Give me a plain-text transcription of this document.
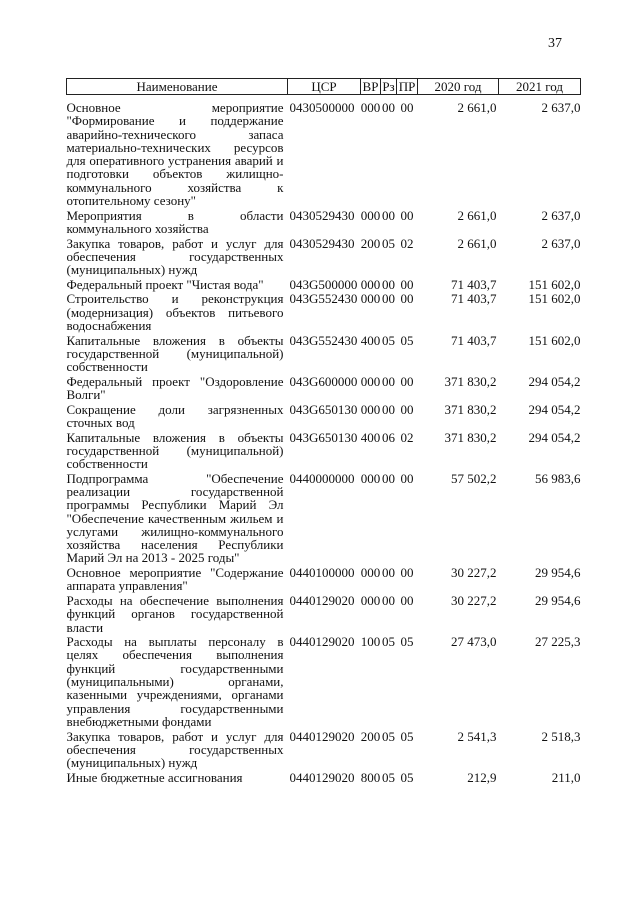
37
Наименование	ЦСР	ВР	Рз	ПР	2020 год	2021 год

Основное мероприятие "Формирование и поддержание аварийно-технического запаса материально-технических ресурсов для оперативного устранения аварий и подготовки объектов жилищно-коммунального хозяйства к отопительному сезону"	0430500000	000	00	00	2 661,0	2 637,0
Мероприятия в области коммунального хозяйства	0430529430	000	00	00	2 661,0	2 637,0
Закупка товаров, работ и услуг для обеспечения государственных (муниципальных) нужд	0430529430	200	05	02	2 661,0	2 637,0
Федеральный проект "Чистая вода"	043G500000	000	00	00	71 403,7	151 602,0
Строительство и реконструкция (модернизация) объектов питьевого водоснабжения	043G552430	000	00	00	71 403,7	151 602,0
Капитальные вложения в объекты государственной (муниципальной) собственности	043G552430	400	05	05	71 403,7	151 602,0
Федеральный проект "Оздоровление Волги"	043G600000	000	00	00	371 830,2	294 054,2
Сокращение доли загрязненных сточных вод	043G650130	000	00	00	371 830,2	294 054,2
Капитальные вложения в объекты государственной (муниципальной) собственности	043G650130	400	06	02	371 830,2	294 054,2
Подпрограмма "Обеспечение реализации государственной программы Республики Марий Эл "Обеспечение качественным жильем и услугами жилищно-коммунального хозяйства населения Республики Марий Эл на 2013 - 2025 годы"	0440000000	000	00	00	57 502,2	56 983,6
Основное мероприятие "Содержание аппарата управления"	0440100000	000	00	00	30 227,2	29 954,6
Расходы на обеспечение выполнения функций органов государственной власти	0440129020	000	00	00	30 227,2	29 954,6
Расходы на выплаты персоналу в целях обеспечения выполнения функций государственными (муниципальными) органами, казенными учреждениями, органами управления государственными внебюджетными фондами	0440129020	100	05	05	27 473,0	27 225,3
Закупка товаров, работ и услуг для обеспечения государственных (муниципальных) нужд	0440129020	200	05	05	2 541,3	2 518,3
Иные бюджетные ассигнования	0440129020	800	05	05	212,9	211,0
